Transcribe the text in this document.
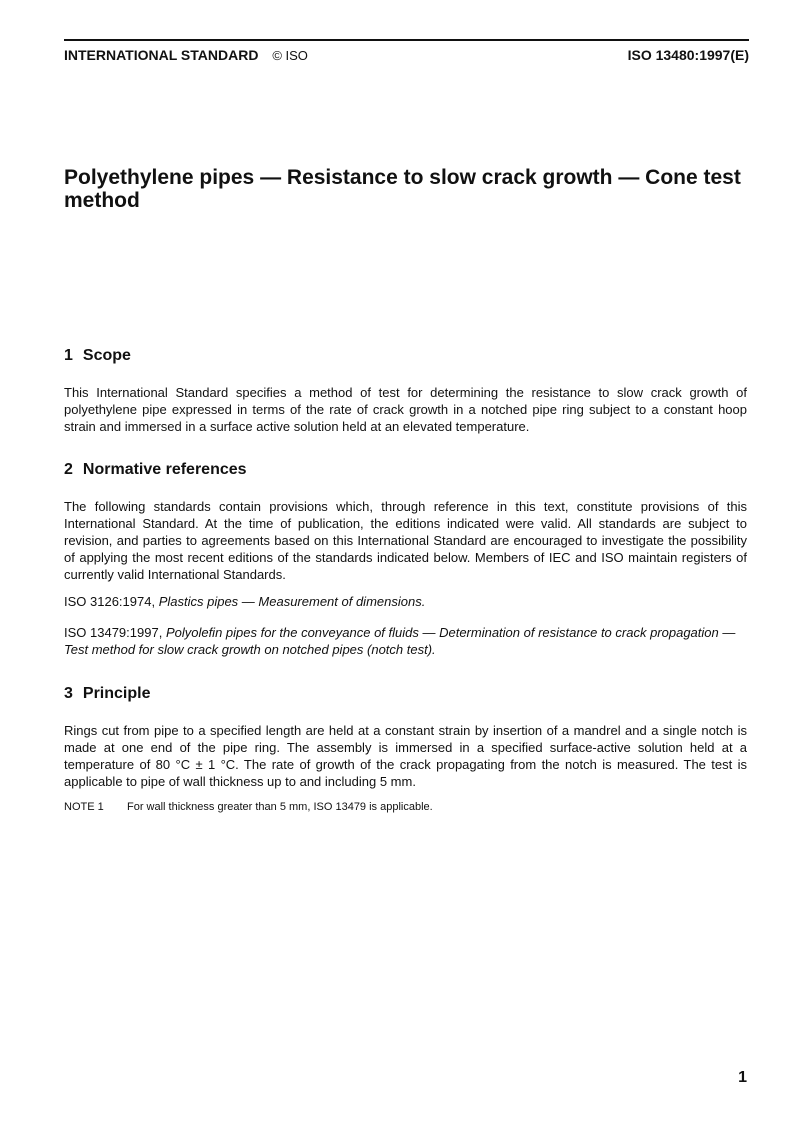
INTERNATIONAL STANDARD © ISO	ISO 13480:1997(E)
Polyethylene pipes — Resistance to slow crack growth — Cone test method
1 Scope

This International Standard specifies a method of test for determining the resistance to slow crack growth of polyethylene pipe expressed in terms of the rate of crack growth in a notched pipe ring subject to a constant hoop strain and immersed in a surface active solution held at an elevated temperature.

2 Normative references

The following standards contain provisions which, through reference in this text, constitute provisions of this International Standard. At the time of publication, the editions indicated were valid. All standards are subject to revision, and parties to agreements based on this International Standard are encouraged to investigate the possibility of applying the most recent editions of the standards indicated below. Members of IEC and ISO maintain registers of currently valid International Standards.

ISO 3126:1974, Plastics pipes — Measurement of dimensions.

ISO 13479:1997, Polyolefin pipes for the conveyance of fluids — Determination of resistance to crack propagation — Test method for slow crack growth on notched pipes (notch test).

3 Principle

Rings cut from pipe to a specified length are held at a constant strain by insertion of a mandrel and a single notch is made at one end of the pipe ring. The assembly is immersed in a specified surface-active solution held at a temperature of 80 °C ± 1 °C. The rate of growth of the crack propagating from the notch is measured. The test is applicable to pipe of wall thickness up to and including 5 mm.

NOTE 1 For wall thickness greater than 5 mm, ISO 13479 is applicable.

1
